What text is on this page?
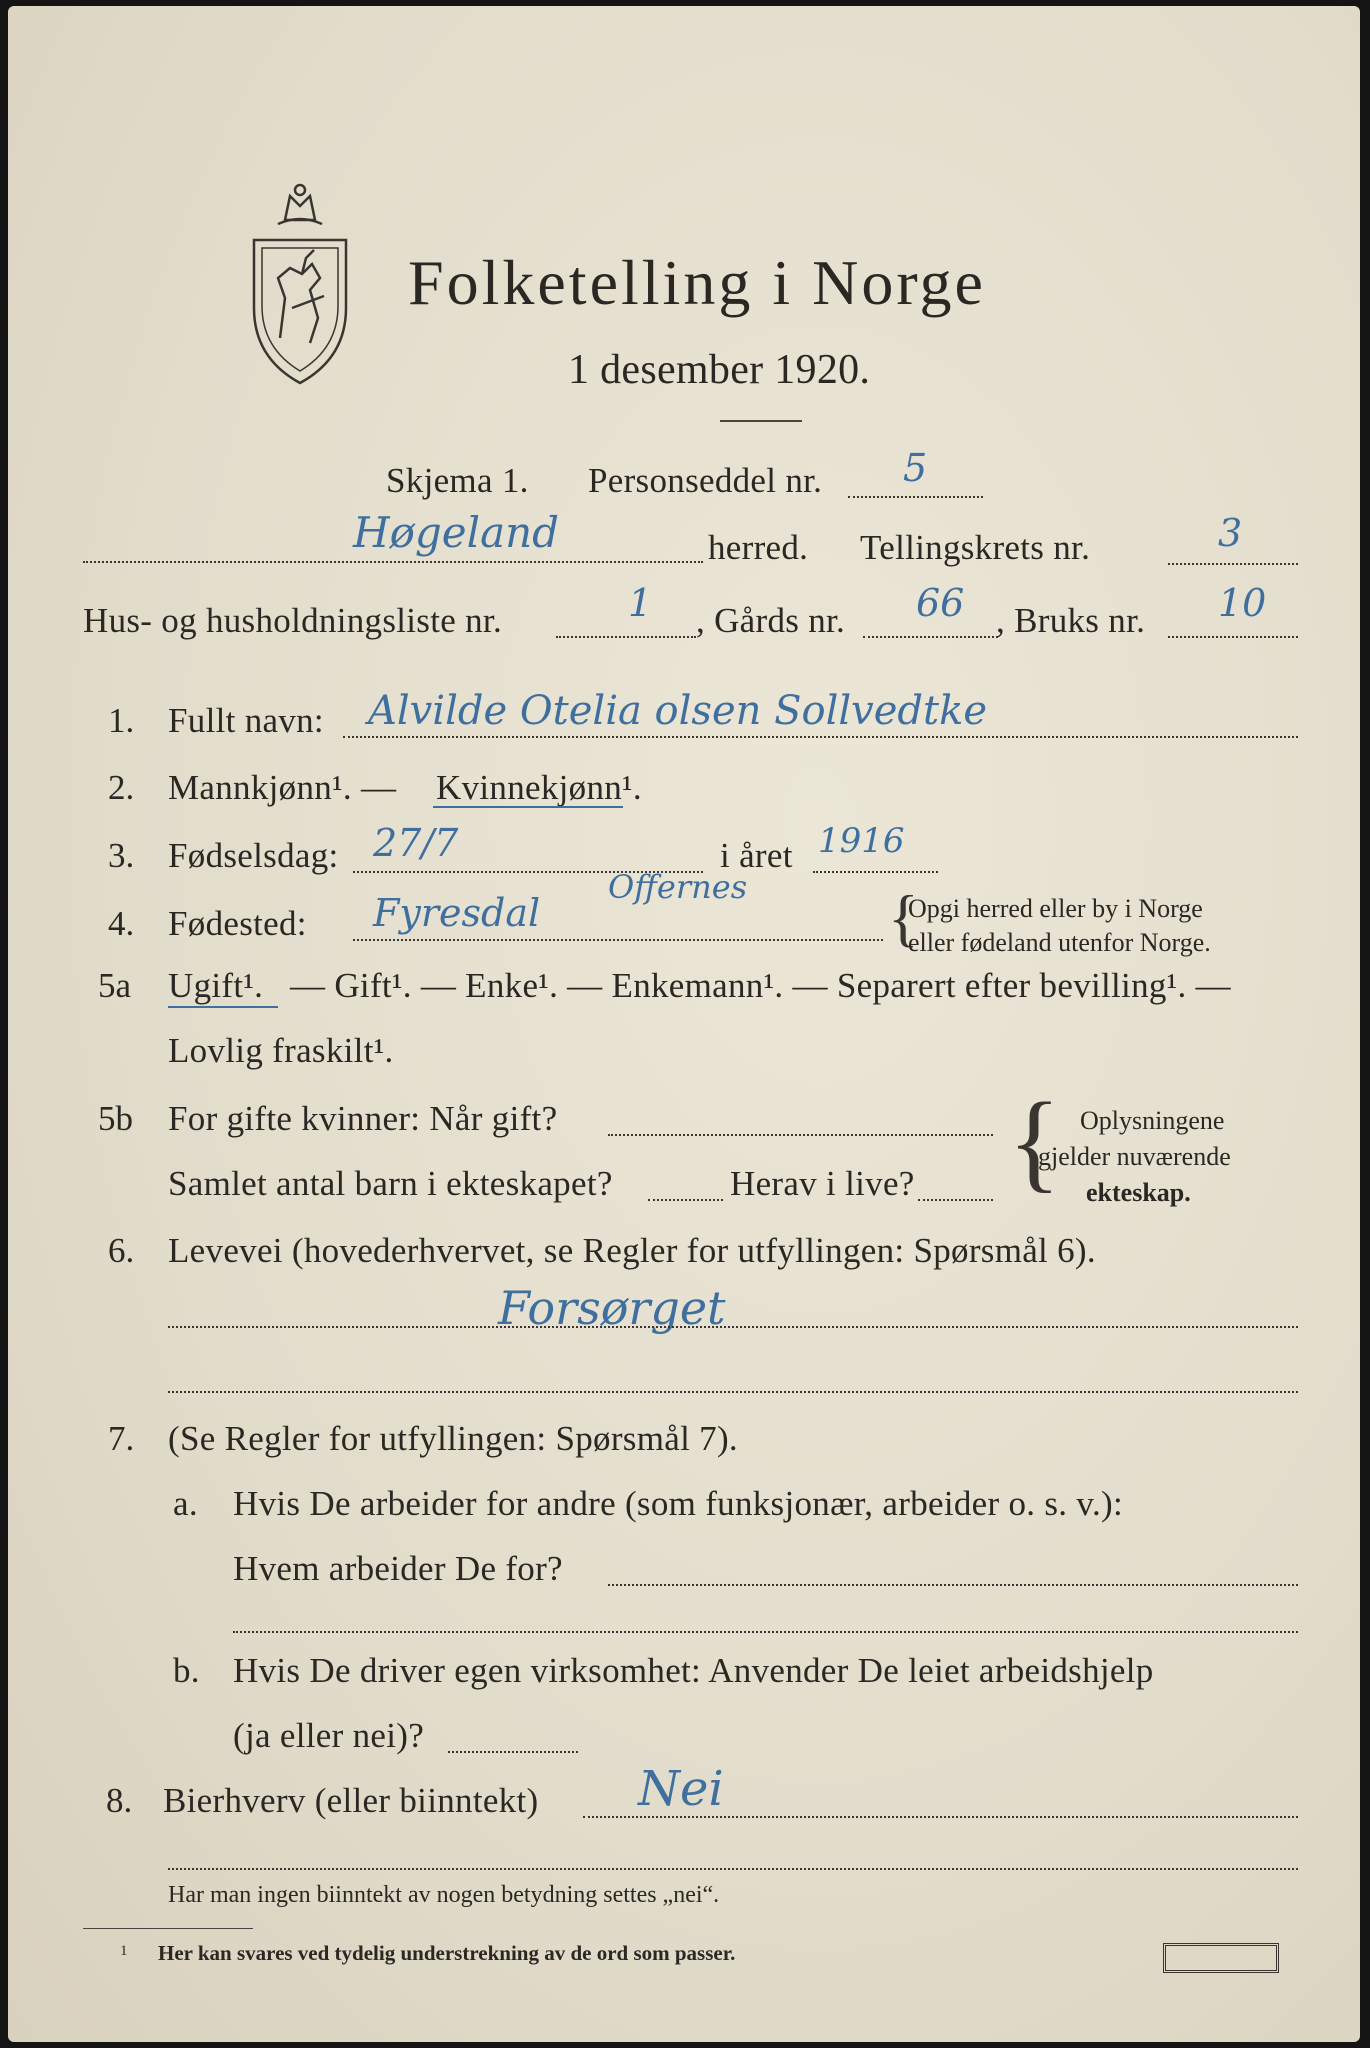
Folketelling i Norge
1 desember 1920.
Skjema 1. Personseddel nr. 5
Høgeland	herred. Tellingskrets nr.	3
Hus- og husholdningsliste nr.	1 , Gårds nr. 66 , Bruks nr. 10
1. Fullt navn: Alvilde Otelia olsen Sollvedtke
2. Mannkjønn¹. — Kvinnekjønn¹.
3. Fødselsdag: 27/7	i året 1916
4. Fødested: Fyresdal
Offernes {
Opgi herred eller by i Norge
eller fødeland utenfor Norge.
5a Ugift¹. — Gift¹. — Enke¹. — Enkemann¹. — Separert efter bevilling¹. —
Lovlig fraskilt¹.
5b For gifte kvinner: Når gift?
Samlet antal barn i ekteskapet?	Herav i live? { Oplysningene
gjelder nuværende
ekteskap.
6. Levevei (hovederhvervet, se Regler for utfyllingen: Spørsmål 6).
Forsørget
7. (Se Regler for utfyllingen: Spørsmål 7).
a. Hvis De arbeider for andre (som funksjonær, arbeider o. s. v.):
Hvem arbeider De for?
b. Hvis De driver egen virksomhet: Anvender De leiet arbeidshjelp
(ja eller nei)?
8. Bierhverv (eller biinntekt) Nei
Har man ingen biinntekt av nogen betydning settes „nei“.
1 Her kan svares ved tydelig understrekning av de ord som passer.
